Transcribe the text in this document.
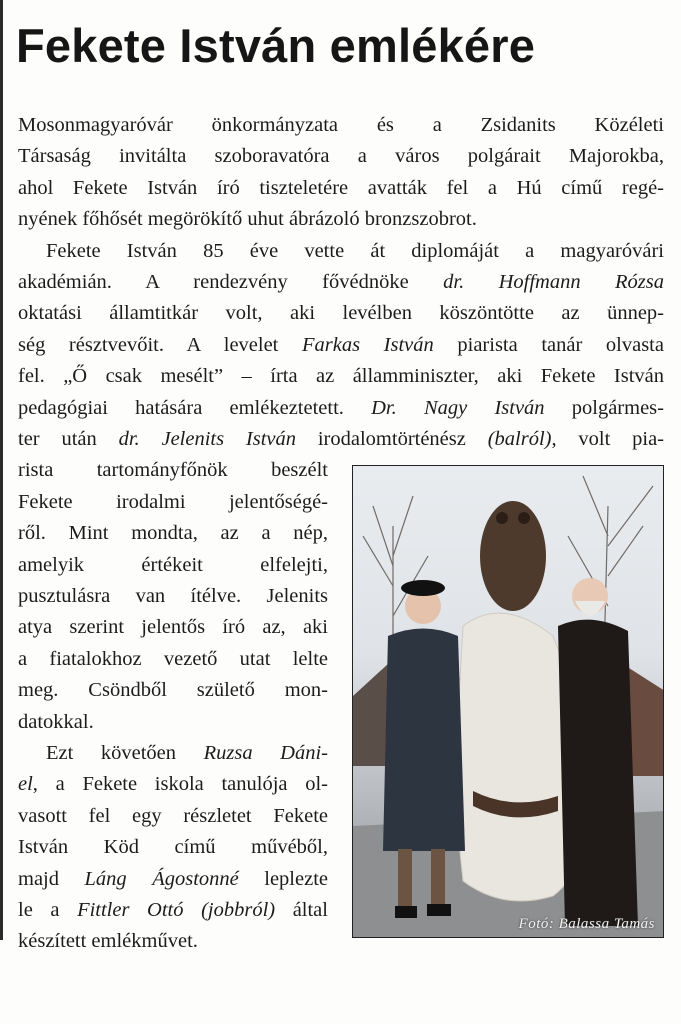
Fekete István emlékére
Mosonmagyaróvár önkormányzata és a Zsidanits Közéleti
Társaság invitálta szoboravatóra a város polgárait Majorokba,
ahol Fekete István író tiszteletére avatták fel a Hú című regé-
nyének főhősét megörökítő uhut ábrázoló bronzszobrot.
Fekete István 85 éve vette át diplomáját a magyaróvári
akadémián. A rendezvény fővédnöke dr. Hoffmann Rózsa
oktatási államtitkár volt, aki levélben köszöntötte az ünnep-
ség résztvevőit. A levelet Farkas István piarista tanár olvasta
fel. „Ő csak mesélt” – írta az államminiszter, aki Fekete István
pedagógiai hatására emlékeztetett. Dr. Nagy István polgármes-
ter után dr. Jelenits István irodalomtörténész (balról), volt pia-
rista tartományfőnök beszélt
Fekete irodalmi jelentőségé-
ről. Mint mondta, az a nép,
amelyik értékeit elfelejti,
pusztulásra van ítélve. Jelenits
atya szerint jelentős író az, aki
a fiatalokhoz vezető utat lelte
meg. Csöndből születő mon-
datokkal.
Ezt követően Ruzsa Dáni-
el, a Fekete iskola tanulója ol-
vasott fel egy részletet Fekete
István Köd című művéből,
majd Láng Ágostonné leplezte
le a Fittler Ottó (jobbról) által
készített emlékművet.
Fotó: Balassa Tamás
